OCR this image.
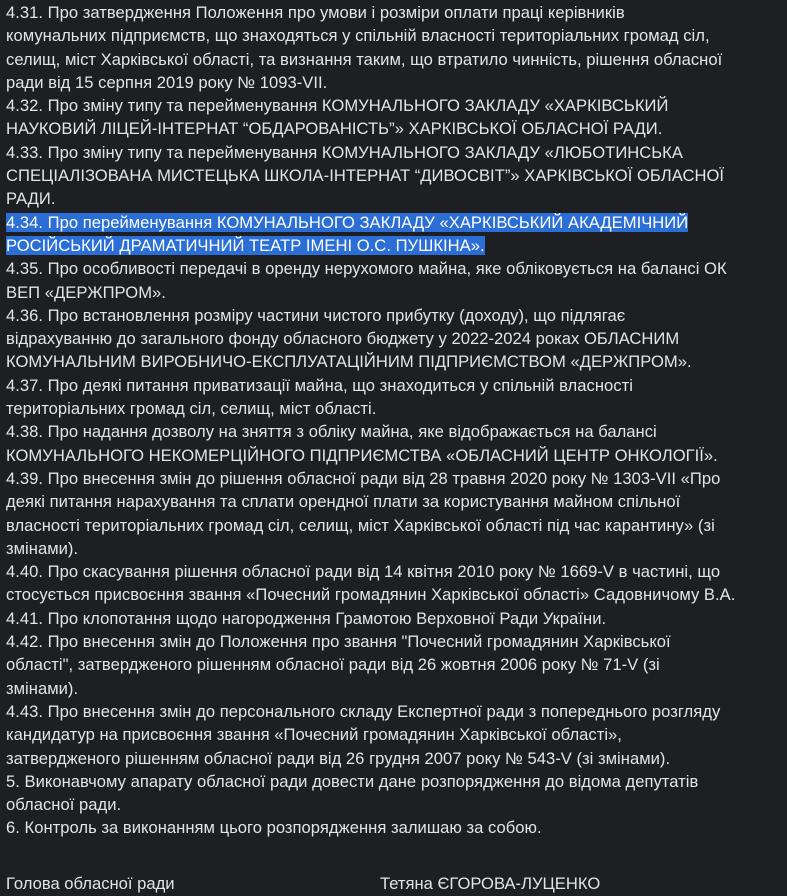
4.31. Про затвердження Положення про умови і розміри оплати праці керівників
комунальних підприємств, що знаходяться у спільній власності територіальних громад сіл,
селищ, міст Харківської області, та визнання таким, що втратило чинність, рішення обласної
ради від 15 серпня 2019 року № 1093-VII.
4.32. Про зміну типу та перейменування КОМУНАЛЬНОГО ЗАКЛАДУ «ХАРКІВСЬКИЙ
НАУКОВИЙ ЛІЦЕЙ-ІНТЕРНАТ “ОБДАРОВАНІСТЬ”» ХАРКІВСЬКОЇ ОБЛАСНОЇ РАДИ.
4.33. Про зміну типу та перейменування КОМУНАЛЬНОГО ЗАКЛАДУ «ЛЮБОТИНСЬКА
СПЕЦІАЛІЗОВАНА МИСТЕЦЬКА ШКОЛА-ІНТЕРНАТ “ДИВОСВІТ”» ХАРКІВСЬКОЇ ОБЛАСНОЇ
РАДИ.
4.34. Про перейменування КОМУНАЛЬНОГО ЗАКЛАДУ «ХАРКІВСЬКИЙ АКАДЕМІЧНИЙ
РОСІЙСЬКИЙ ДРАМАТИЧНИЙ ТЕАТР ІМЕНІ О.С. ПУШКІНА».
4.35. Про особливості передачі в оренду нерухомого майна, яке обліковується на балансі ОК
ВЕП «ДЕРЖПРОМ».
4.36. Про встановлення розміру частини чистого прибутку (доходу), що підлягає
відрахуванню до загального фонду обласного бюджету у 2022-2024 роках ОБЛАСНИМ
КОМУНАЛЬНИМ ВИРОБНИЧО-ЕКСПЛУАТАЦІЙНИМ ПІДПРИЄМСТВОМ «ДЕРЖПРОМ».
4.37. Про деякі питання приватизації майна, що знаходиться у спільній власності
територіальних громад сіл, селищ, міст області.
4.38. Про надання дозволу на зняття з обліку майна, яке відображається на балансі
КОМУНАЛЬНОГО НЕКОМЕРЦІЙНОГО ПІДПРИЄМСТВА «ОБЛАСНИЙ ЦЕНТР ОНКОЛОГІЇ».
4.39. Про внесення змін до рішення обласної ради від 28 травня 2020 року № 1303-VII «Про
деякі питання нарахування та сплати орендної плати за користування майном спільної
власності територіальних громад сіл, селищ, міст Харківської області під час карантину» (зі
змінами).
4.40. Про скасування рішення обласної ради від 14 квітня 2010 року № 1669-V в частині, що
стосується присвоєння звання «Почесний громадянин Харківської області» Садовничому В.А.
4.41. Про клопотання щодо нагородження Грамотою Верховної Ради України.
4.42. Про внесення змін до Положення про звання "Почесний громадянин Харківської
області", затвердженого рішенням обласної ради від 26 жовтня 2006 року № 71-V (зі
змінами).
4.43. Про внесення змін до персонального складу Експертної ради з попереднього розгляду
кандидатур на присвоєння звання «Почесний громадянин Харківської області»,
затвердженого рішенням обласної ради від 26 грудня 2007 року № 543-V (зі змінами).
5. Виконавчому апарату обласної ради довести дане розпорядження до відома депутатів
обласної ради.
6. Контроль за виконанням цього розпорядження залишаю за собою.
Голова обласної ради	Тетяна ЄГОРОВА-ЛУЦЕНКО
